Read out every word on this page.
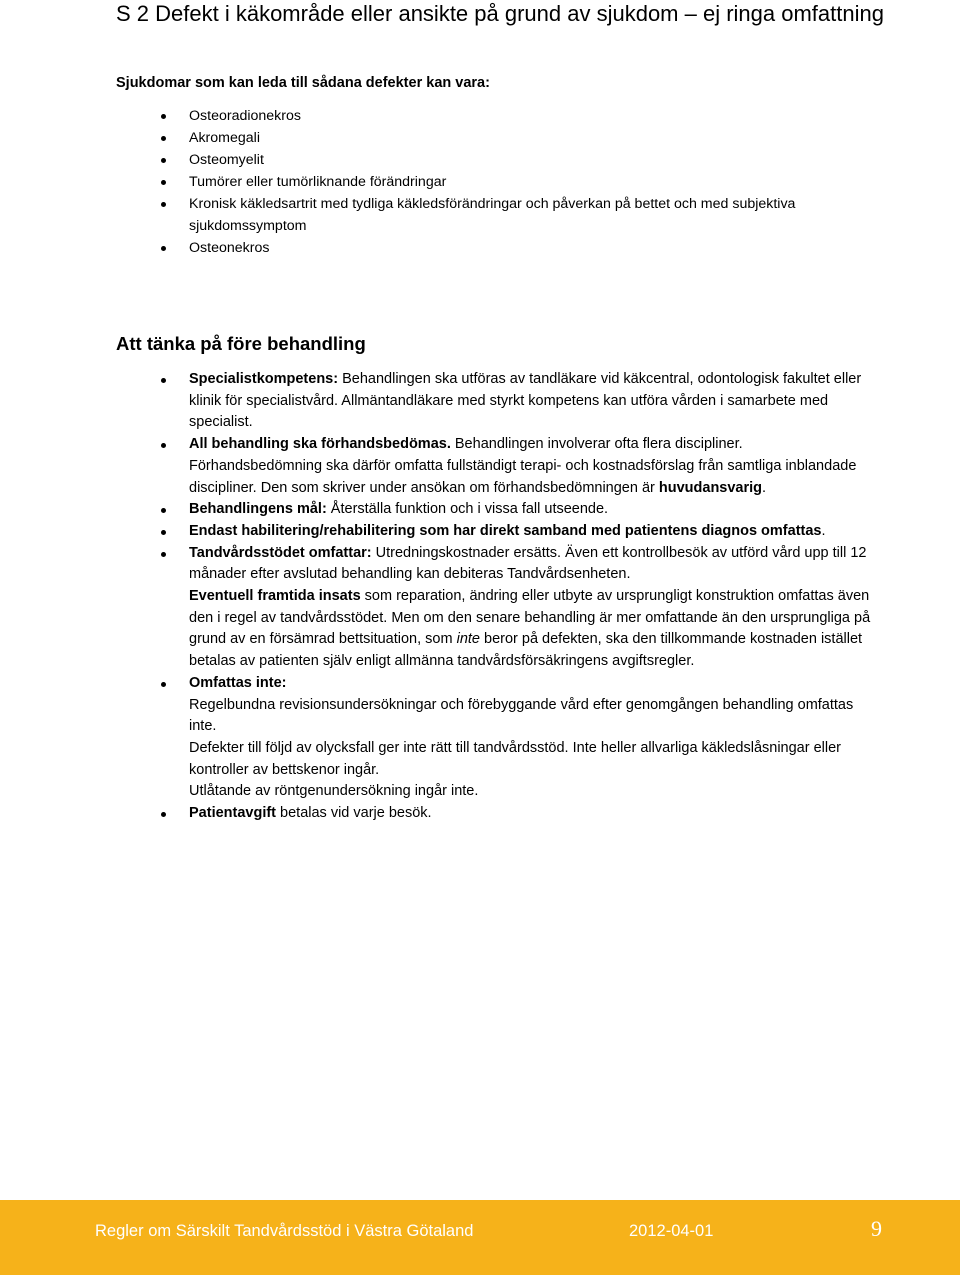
S 2 Defekt i käkområde eller ansikte på grund av sjukdom – ej ringa omfattning

Sjukdomar som kan leda till sådana defekter kan vara:

Osteoradionekros
Akromegali
Osteomyelit
Tumörer eller tumörliknande förändringar
Kronisk käkledsartrit med tydliga käkledsförändringar och påverkan på bettet och med subjektiva sjukdomssymptom
Osteonekros

Att tänka på före behandling

Specialistkompetens: Behandlingen ska utföras av tandläkare vid käkcentral, odontologisk fakultet eller klinik för specialistvård. Allmäntandläkare med styrkt kompetens kan utföra vården i samarbete med specialist.
All behandling ska förhandsbedömas. Behandlingen involverar ofta flera discipliner. Förhandsbedömning ska därför omfatta fullständigt terapi- och kostnadsförslag från samtliga inblandade discipliner. Den som skriver under ansökan om förhandsbedömningen är huvudansvarig.
Behandlingens mål: Återställa funktion och i vissa fall utseende.
Endast habilitering/rehabilitering som har direkt samband med patientens diagnos omfattas.
Tandvårdsstödet omfattar: Utredningskostnader ersätts. Även ett kontrollbesök av utförd vård upp till 12 månader efter avslutad behandling kan debiteras Tandvårdsenheten.
Eventuell framtida insats som reparation, ändring eller utbyte av ursprungligt konstruktion omfattas även den i regel av tandvårdsstödet. Men om den senare behandling är mer omfattande än den ursprungliga på grund av en försämrad bettsituation, som inte beror på defekten, ska den tillkommande kostnaden istället betalas av patienten själv enligt allmänna tandvårdsförsäkringens avgiftsregler.
Omfattas inte:
Regelbundna revisionsundersökningar och förebyggande vård efter genomgången behandling omfattas inte.
Defekter till följd av olycksfall ger inte rätt till tandvårdsstöd. Inte heller allvarliga käkledslåsningar eller kontroller av bettskenor ingår.
Utlåtande av röntgenundersökning ingår inte.
Patientavgift betalas vid varje besök.
Regler om Särskilt Tandvårdsstöd i Västra Götaland	2012-04-01	9
